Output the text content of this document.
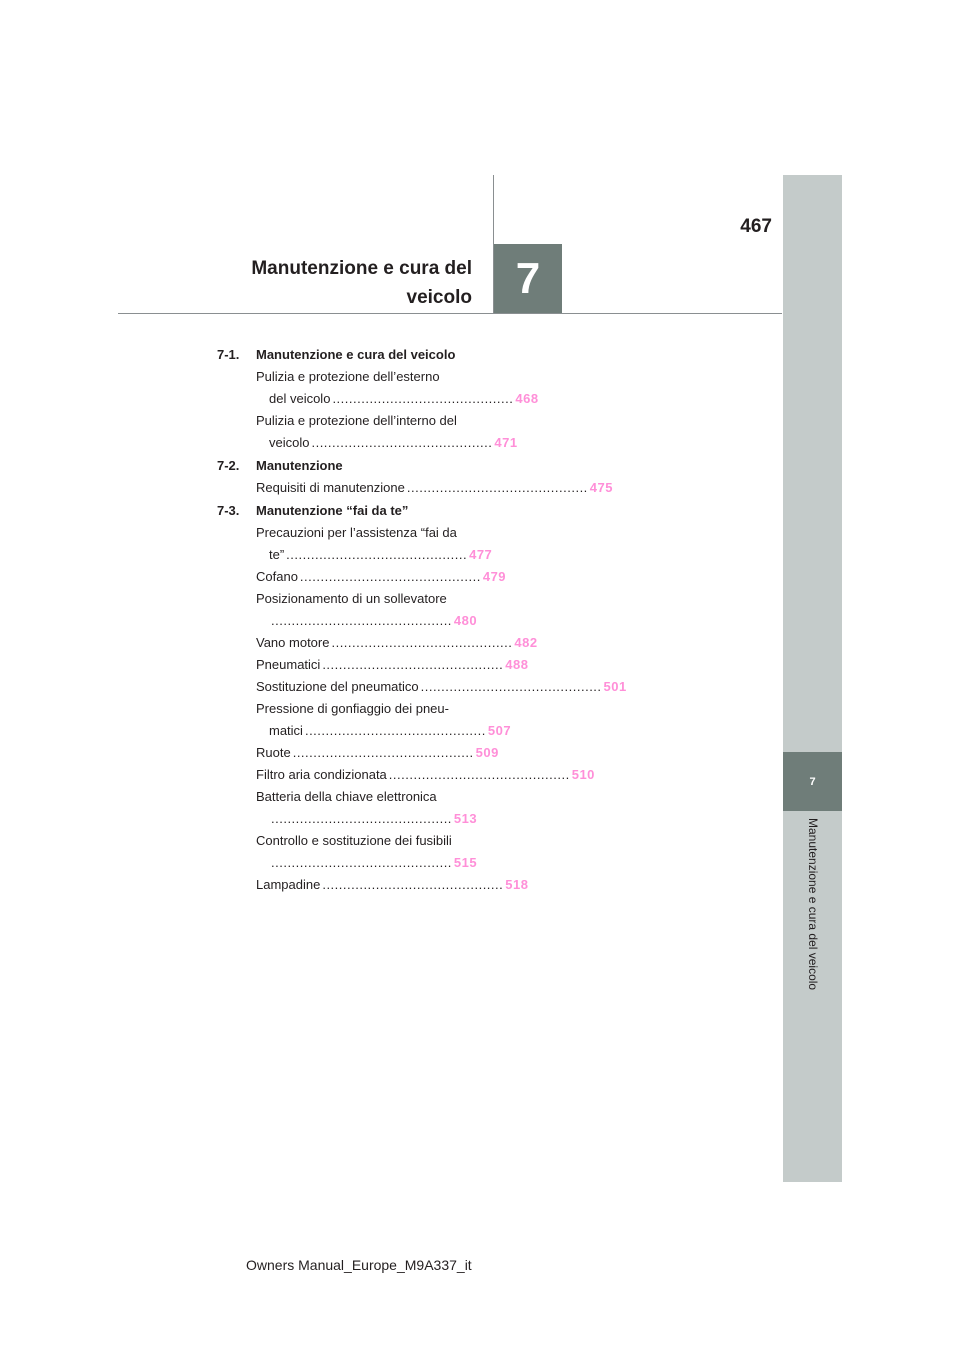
467
Manutenzione e cura del
veicolo 7
7
Manutenzione e cura del veicolo
7-1.	Manutenzione e cura del veicolo
Pulizia e protezione dell’esterno
del veicolo ............................................ 468
Pulizia e protezione dell’interno del
veicolo ............................................ 471
7-2.	Manutenzione
Requisiti di manutenzione ............................................ 475
7-3.	Manutenzione “fai da te”
Precauzioni per l’assistenza “fai da
te” ............................................ 477
Cofano ............................................ 479
Posizionamento di un sollevatore
............................................ 480
Vano motore ............................................ 482
Pneumatici ............................................ 488
Sostituzione del pneumatico ............................................ 501
Pressione di gonfiaggio dei pneu-
matici ............................................ 507
Ruote ............................................ 509
Filtro aria condizionata ............................................ 510
Batteria della chiave elettronica
............................................ 513
Controllo e sostituzione dei fusibili
............................................ 515
Lampadine ............................................ 518
Owners Manual_Europe_M9A337_it
